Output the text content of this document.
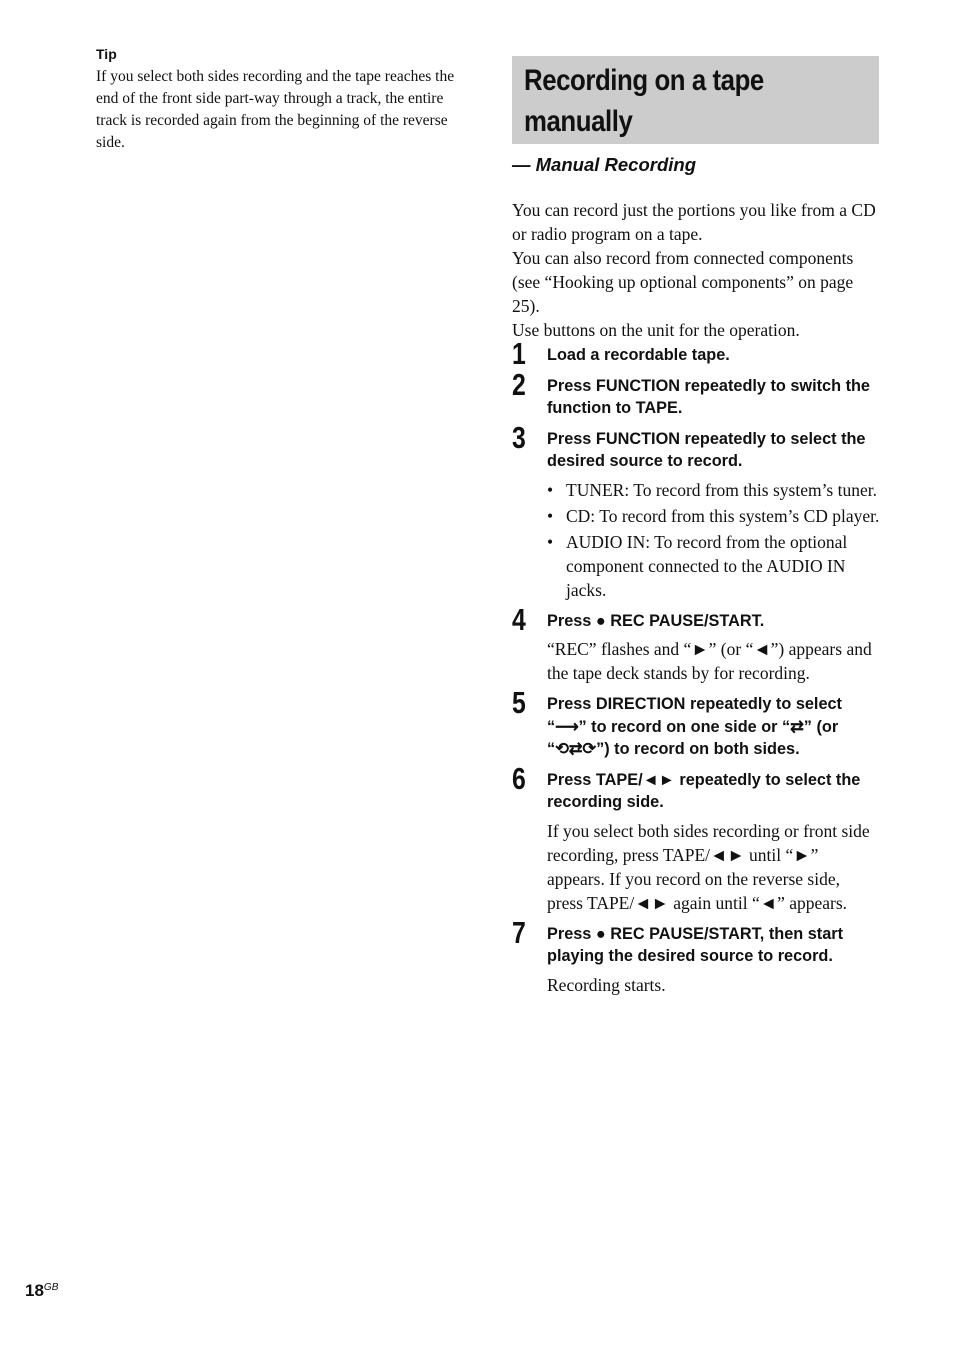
Tip

If you select both sides recording and the tape reaches the end of the front side part-way through a track, the entire track is recorded again from the beginning of the reverse side.

Recording on a tape
manually

— Manual Recording

You can record just the portions you like from a CD or radio program on a tape.

You can also record from connected components (see “Hooking up optional components” on page 25).

Use buttons on the unit for the operation.

1 Load a recordable tape.

2 Press FUNCTION repeatedly to switch the function to TAPE.

3 Press FUNCTION repeatedly to select the desired source to record.

• TUNER: To record from this system’s tuner.
• CD: To record from this system’s CD player.
• AUDIO IN: To record from the optional component connected to the AUDIO IN jacks.
4 Press ● REC PAUSE/START.

“REC” flashes and “►” (or “◄”) appears and the tape deck stands by for recording.

5 Press DIRECTION repeatedly to select “⟶” to record on one side or “⇄” (or “⟲⇄⟳”) to record on both sides.

6 Press TAPE/◄► repeatedly to select the recording side.

If you select both sides recording or front side recording, press TAPE/◄► until “►” appears. If you record on the reverse side, press TAPE/◄► again until “◄” appears.

7 Press ● REC PAUSE/START, then start playing the desired source to record.

Recording starts.

$18^{GB}$
